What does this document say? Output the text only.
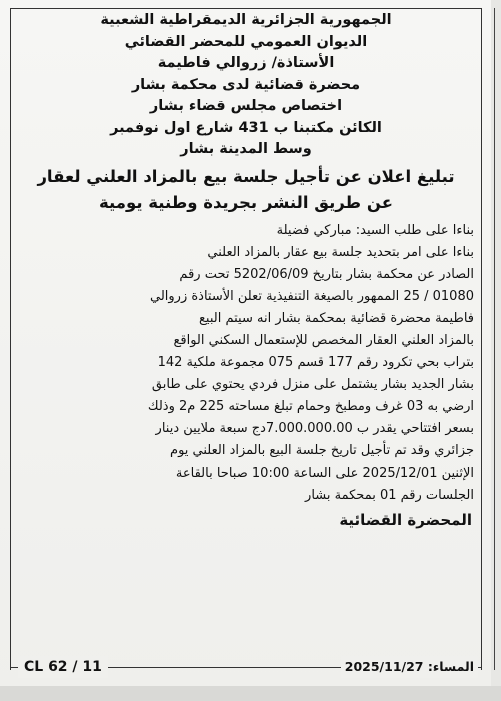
الجمهورية الجزائرية الديمقراطية الشعبية

الديوان العمومي للمحضر القضائي

الأستاذة/ زروالي فاطيمة

محضرة قضائية لدى محكمة بشار

اختصاص مجلس قضاء بشار

الكائن مكتبنا ب 431 شارع اول نوفمبر

وسط المدينة بشار

تبليغ اعلان عن تأجيل جلسة بيع بالمزاد العلني لعقار

عن طريق النشر بجريدة وطنية يومية

بناءا على طلب السيد: مباركي فضيلة

بناءا على امر بتحديد جلسة بيع عقار بالمزاد العلني

الصادر عن محكمة بشار بتاريخ 5202/06/09 تحت رقم

01080 / 25 الممهور بالصيغة التنفيذية تعلن الأستاذة زروالي

فاطيمة محضرة قضائية بمحكمة بشار انه سيتم البيع

بالمزاد العلني العقار المخصص للإستعمال السكني الواقع

بتراب بحي تكرود رقم 177 قسم 075 مجموعة ملكية 142

بشار الجديد بشار يشتمل على منزل فردي يحتوي على طابق

ارضي به 03 غرف ومطبخ وحمام تبلغ مساحته 225 م2 وذلك

بسعر افتتاحي يقدر ب 7.000.000.00دج سبعة ملايين دينار

جزائري وقد تم تأجيل تاريخ جلسة البيع بالمزاد العلني يوم

الإثنين 2025/12/01 على الساعة 10:00 صباحا بالقاعة

الجلسات رقم 01 بمحكمة بشار

المحضرة القضائية
CL 62 / 11	المساء: 2025/11/27
